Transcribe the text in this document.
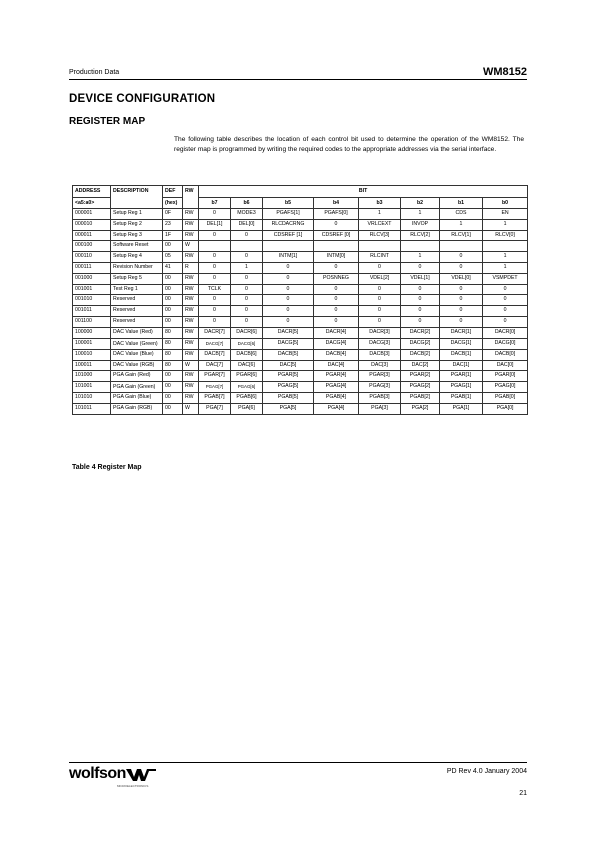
Production Data	WM8152
DEVICE CONFIGURATION
REGISTER MAP
The following table describes the location of each control bit used to determine the operation of the WM8152. The register map is programmed by writing the required codes to the appropriate addresses via the serial interface.
ADDRESS	DESCRIPTION	DEF	RW	BIT							
<a5:a0>		(hex)		b7	b6	b5	b4	b3	b2	b1	b0
000001	Setup Reg 1	0F	RW	0	MODE3	PGAFS[1]	PGAFS[0]	1	1	CDS	EN
000010	Setup Reg 2	23	RW	DEL[1]	DEL[0]	RLCDACRNG	0	VRLCEXT	INVOP	1	1
000011	Setup Reg 3	1F	RW	0	0	CDSREF [1]	CDSREF [0]	RLCV[3]	RLCV[2]	RLCV[1]	RLCV[0]
000100	Software Reset	00	W								
000110	Setup Reg 4	05	RW	0	0	INTM[1]	INTM[0]	RLCINT	1	0	1
000111	Revision Number	41	R	0	1	0	0	0	0	0	1
001000	Setup Reg 5	00	RW	0	0	0	POSNNEG	VDEL[2]	VDEL[1]	VDEL[0]	VSMPDET
001001	Test Reg 1	00	RW	TCLK	0	0	0	0	0	0	0
001010	Reserved	00	RW	0	0	0	0	0	0	0	0
001011	Reserved	00	RW	0	0	0	0	0	0	0	0
001100	Reserved	00	RW	0	0	0	0	0	0	0	0
100000	DAC Value (Red)	80	RW	DACR[7]	DACR[6]	DACR[5]	DACR[4]	DACR[3]	DACR[2]	DACR[1]	DACR[0]
100001	DAC Value (Green)	80	RW	DACG[7]	DACG[6]	DACG[5]	DACG[4]	DACG[3]	DACG[2]	DACG[1]	DACG[0]
100010	DAC Value (Blue)	80	RW	DACB[7]	DACB[6]	DACB[5]	DACB[4]	DACB[3]	DACB[2]	DACB[1]	DACB[0]
100011	DAC Value (RGB)	80	W	DAC[7]	DAC[6]	DAC[5]	DAC[4]	DAC[3]	DAC[2]	DAC[1]	DAC[0]
101000	PGA Gain (Red)	00	RW	PGAR[7]	PGAR[6]	PGAR[5]	PGAR[4]	PGAR[3]	PGAR[2]	PGAR[1]	PGAR[0]
101001	PGA Gain (Green)	00	RW	PGAG[7]	PGAG[6]	PGAG[5]	PGAG[4]	PGAG[3]	PGAG[2]	PGAG[1]	PGAG[0]
101010	PGA Gain (Blue)	00	RW	PGAB[7]	PGAB[6]	PGAB[5]	PGAB[4]	PGAB[3]	PGAB[2]	PGAB[1]	PGAB[0]
101011	PGA Gain (RGB)	00	W	PGA[7]	PGA[6]	PGA[5]	PGA[4]	PGA[3]	PGA[2]	PGA[1]	PGA[0]
Table 4 Register Map
wolfson
MICROELECTRONICS
PD Rev 4.0 January 2004
21
